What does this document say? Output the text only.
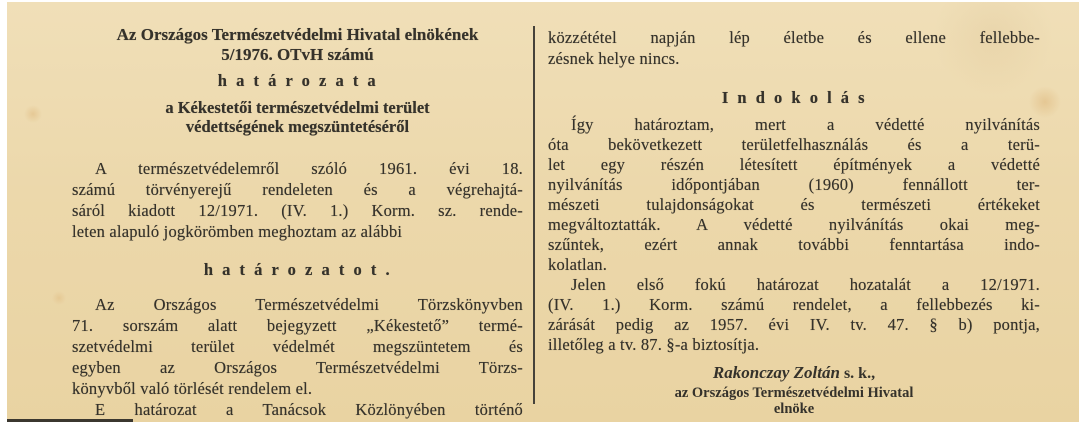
Az Országos Természetvédelmi Hivatal elnökének
5/1976. OTvH számú
h a t á r o z a t a
a Kékestetői természetvédelmi terület
védettségének megszüntetéséről
A természetvédelemről szóló 1961. évi 18.
számú törvényerejű rendeleten és a végrehajtá-
sáról kiadott 12/1971. (IV. 1.) Korm. sz. rende-
leten alapuló jogkörömben meghoztam az alábbi
h a t á r o z a t o t .
Az Országos Természetvédelmi Törzskönyvben
71. sorszám alatt bejegyzett „Kékestető” termé-
szetvédelmi terület védelmét megszüntetem és
egyben az Országos Természetvédelmi Törzs-
könyvből való törlését rendelem el.
E határozat a Tanácsok Közlönyében történő
közzététel napján lép életbe és ellene fellebbe-
zésnek helye nincs.
I n d o k o l á s
Így határoztam, mert a védetté nyilvánítás
óta bekövetkezett területfelhasználás és a terü-
let egy részén létesített építmények a védetté
nyilvánítás időpontjában (1960) fennállott ter-
mészeti tulajdonságokat és természeti értékeket
megváltoztatták. A védetté nyilvánítás okai meg-
szűntek, ezért annak további fenntartása indo-
kolatlan.
Jelen első fokú határozat hozatalát a 12/1971.
(IV. 1.) Korm. számú rendelet, a fellebbezés ki-
zárását pedig az 1957. évi IV. tv. 47. § b) pontja,
illetőleg a tv. 87. §-a biztosítja.
Rakonczay Zoltán s. k.,
az Országos Természetvédelmi Hivatal
elnöke
